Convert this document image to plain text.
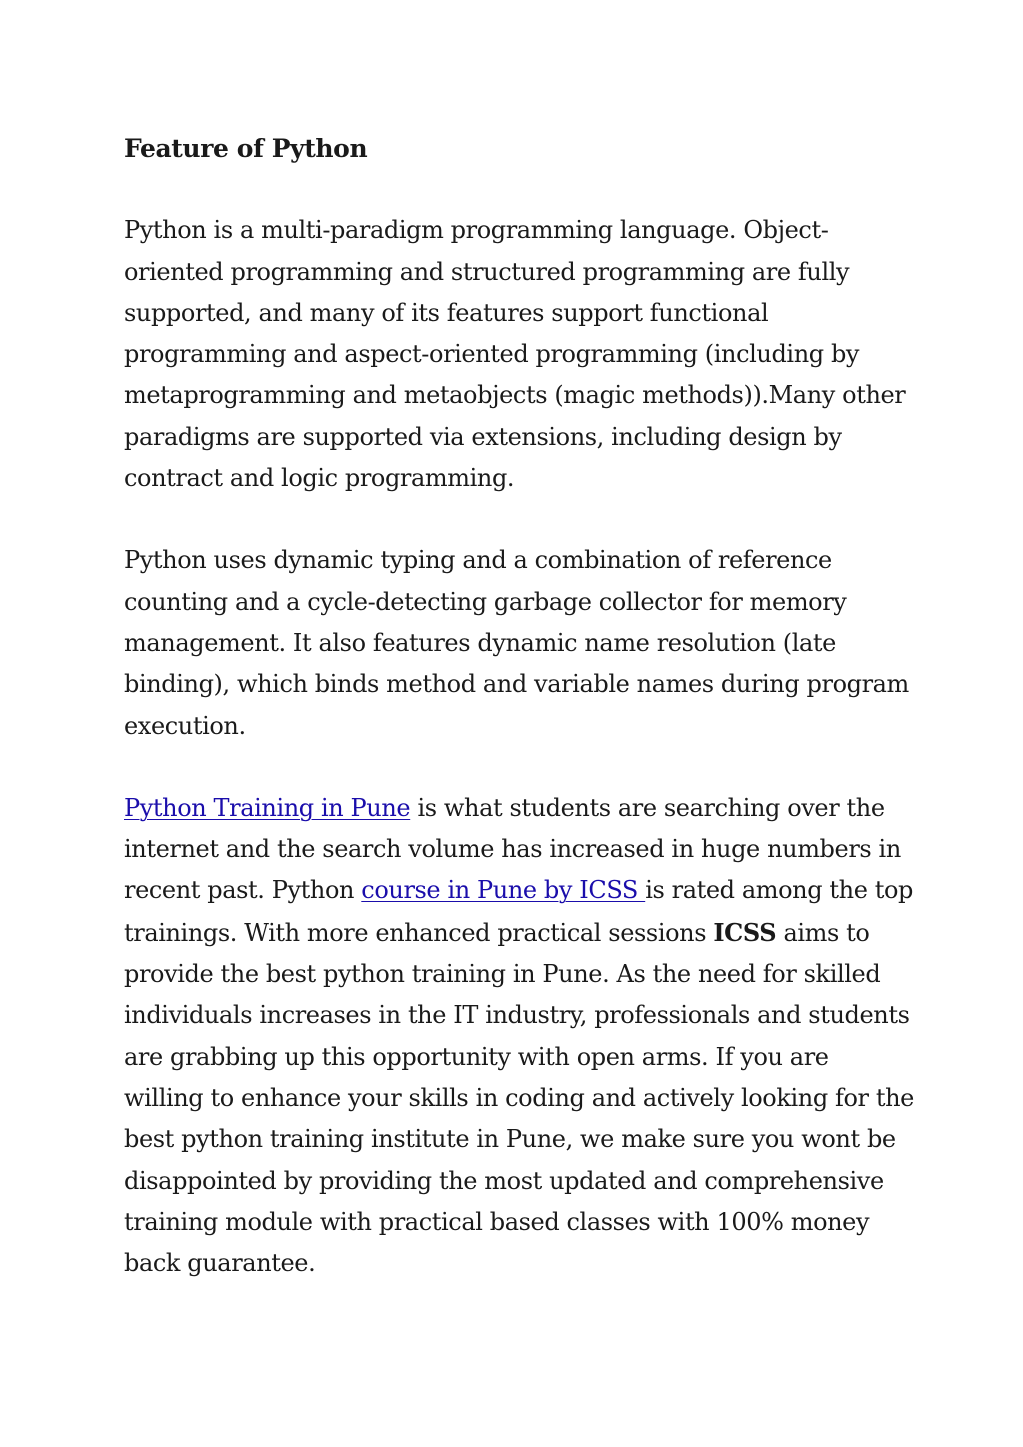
Feature of Python
Python is a multi-paradigm programming language. Object-oriented programming and structured programming are fully supported, and many of its features support functional programming and aspect-oriented programming (including by metaprogramming and metaobjects (magic methods)).Many other paradigms are supported via extensions, including design by contract and logic programming.
Python uses dynamic typing and a combination of reference counting and a cycle-detecting garbage collector for memory management. It also features dynamic name resolution (late binding), which binds method and variable names during program execution.
Python Training in Pune is what students are searching over the internet and the search volume has increased in huge numbers in recent past. Python course in Pune by ICSS is rated among the top trainings. With more enhanced practical sessions ICSS aims to provide the best python training in Pune. As the need for skilled individuals increases in the IT industry, professionals and students are grabbing up this opportunity with open arms. If you are willing to enhance your skills in coding and actively looking for the best python training institute in Pune, we make sure you wont be disappointed by providing the most updated and comprehensive training module with practical based classes with 100% money back guarantee.
